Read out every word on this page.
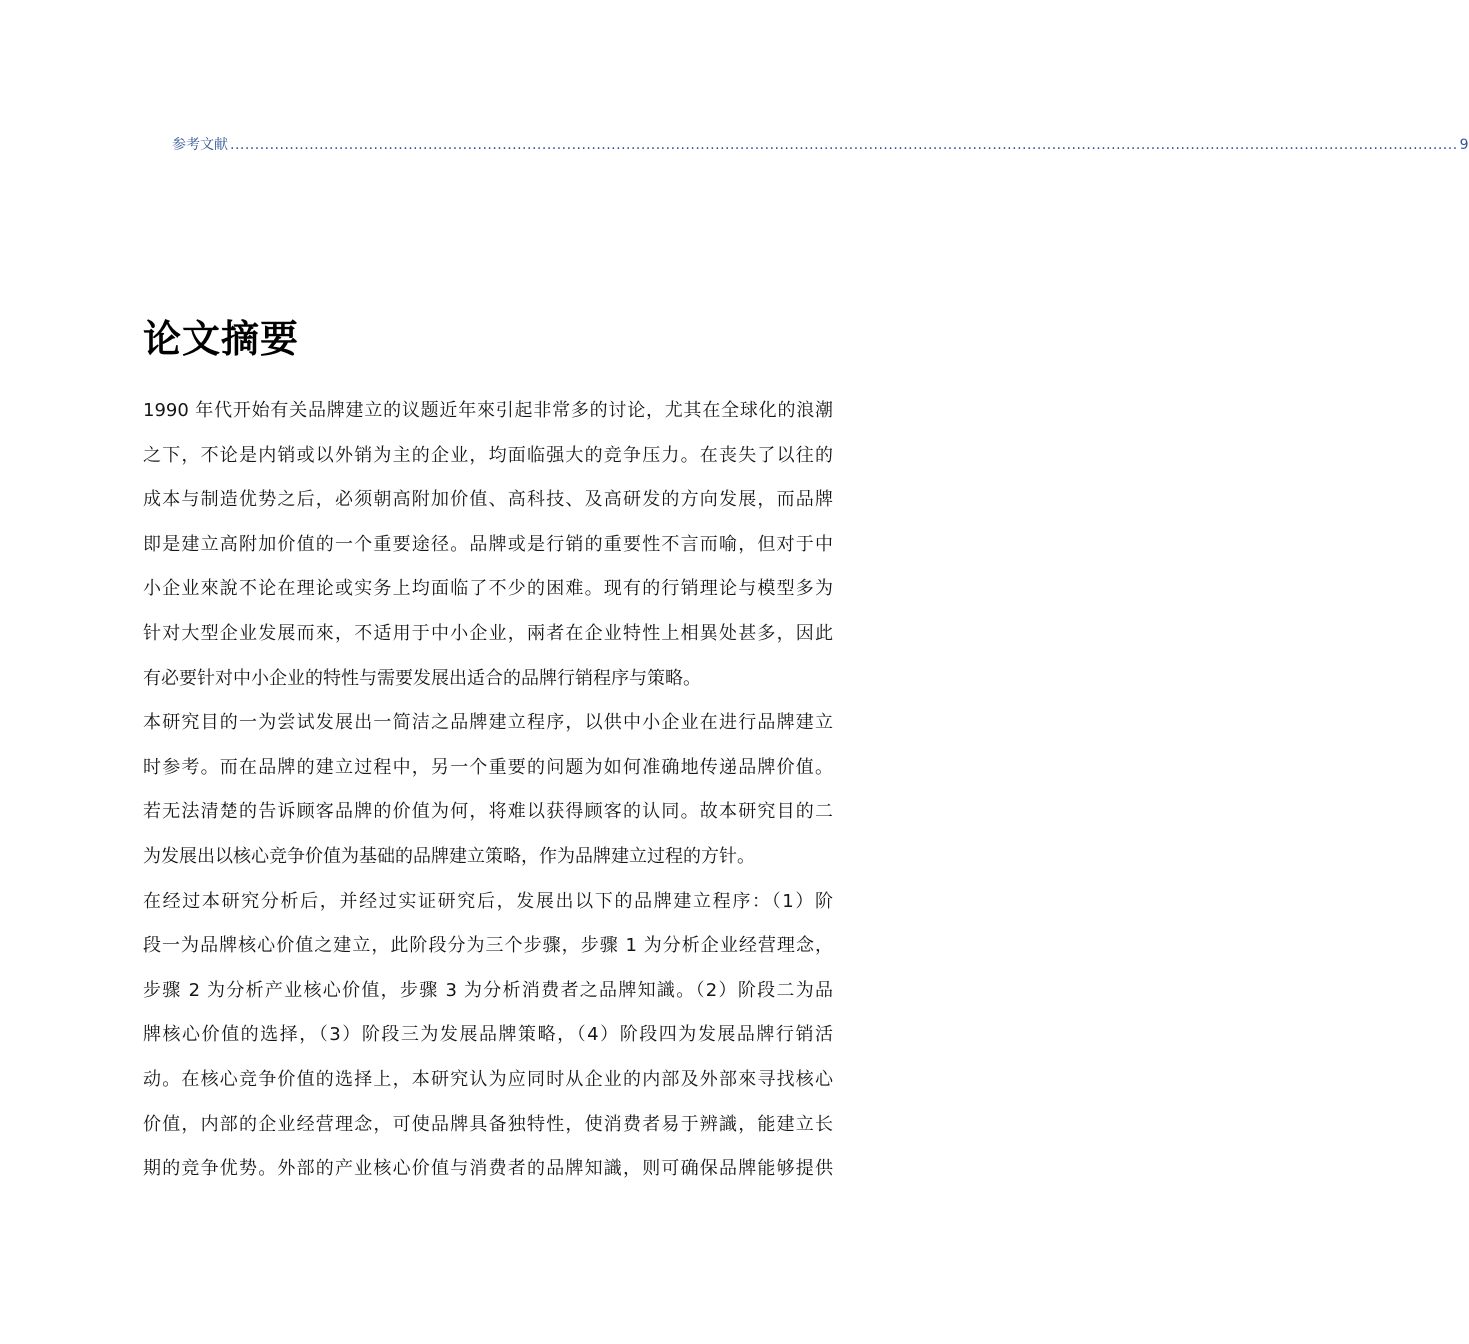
参考文献 ........................................................................................................................................................................................................................................................ 9
论文摘要
1990 年代开始有关品牌建立的议题近年來引起非常多的讨论，尤其在全球化的浪潮
之下，不论是内销或以外销为主的企业，均面临强大的竞争压力。在丧失了以往的
成本与制造优势之后，必须朝高附加价值、高科技、及高研发的方向发展，而品牌
即是建立高附加价值的一个重要途径。品牌或是行销的重要性不言而喻，但对于中
小企业來說不论在理论或实务上均面临了不少的困难。现有的行销理论与模型多为
针对大型企业发展而來，不适用于中小企业，兩者在企业特性上相異处甚多，因此
有必要针对中小企业的特性与需要发展出适合的品牌行销程序与策略。
本研究目的一为尝试发展出一简洁之品牌建立程序，以供中小企业在进行品牌建立
时参考。而在品牌的建立过程中，另一个重要的问题为如何准确地传递品牌价值。
若无法清楚的告诉顾客品牌的价值为何，将难以获得顾客的认同。故本研究目的二
为发展出以核心竞争价值为基础的品牌建立策略，作为品牌建立过程的方针。
在经过本研究分析后，并经过实证研究后，发展出以下的品牌建立程序：（1）阶
段一为品牌核心价值之建立，此阶段分为三个步骤，步骤 1 为分析企业经营理念，
步骤 2 为分析产业核心价值，步骤 3 为分析消费者之品牌知識。（2）阶段二为品
牌核心价值的选择，（3）阶段三为发展品牌策略，（4）阶段四为发展品牌行销活
动。在核心竞争价值的选择上，本研究认为应同时从企业的内部及外部來寻找核心
价值，内部的企业经营理念，可使品牌具备独特性，使消费者易于辨識，能建立长
期的竞争优势。外部的产业核心价值与消费者的品牌知識，则可确保品牌能够提供
